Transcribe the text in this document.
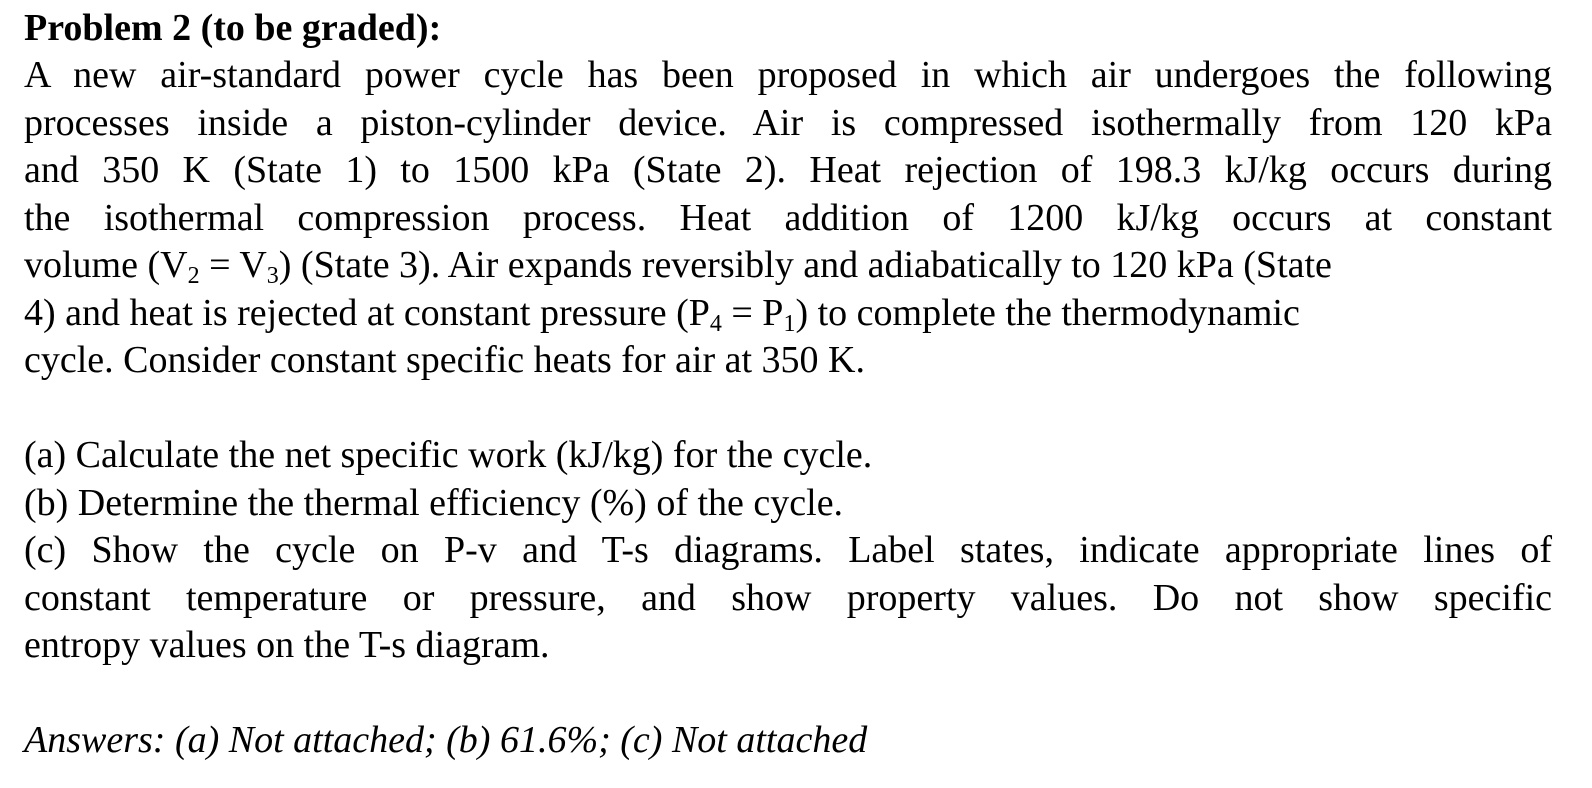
Problem 2 (to be graded):
A new air-standard power cycle has been proposed in which air undergoes the following
processes inside a piston-cylinder device. Air is compressed isothermally from 120 kPa
and 350 K (State 1) to 1500 kPa (State 2). Heat rejection of 198.3 kJ/kg occurs during
the isothermal compression process. Heat addition of 1200 kJ/kg occurs at constant
volume $(V_2 = V_3)$ (State 3). Air expands reversibly and adiabatically to 120 kPa (State
4) and heat is rejected at constant pressure $(P_4 = P_1)$ to complete the thermodynamic
cycle. Consider constant specific heats for air at 350 K.
(a) Calculate the net specific work (kJ/kg) for the cycle.
(b) Determine the thermal efficiency (%) of the cycle.
(c) Show the cycle on P-v and T-s diagrams. Label states, indicate appropriate lines of
constant temperature or pressure, and show property values. Do not show specific
entropy values on the T-s diagram.
Answers: (a) Not attached; (b) 61.6%; (c) Not attached
